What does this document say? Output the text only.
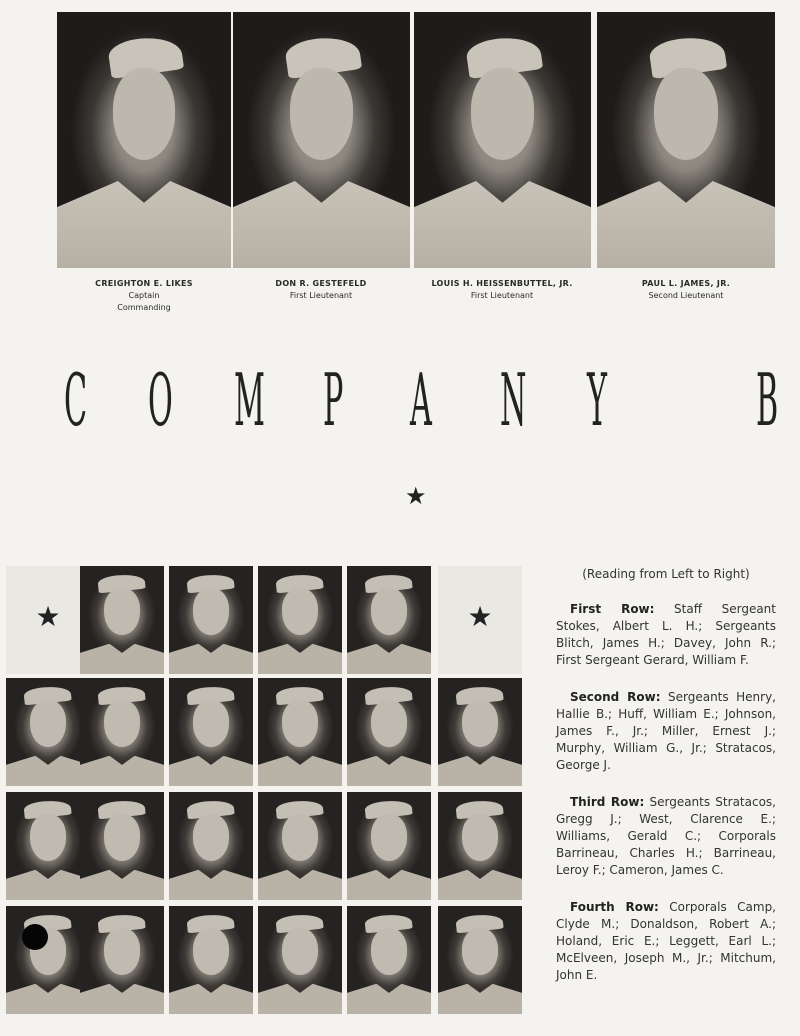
CREIGHTON E. LIKES
Captain
Commanding
DON R. GESTEFELD
First Lieutenant
LOUIS H. HEISSENBUTTEL, JR.
First Lieutenant
PAUL L. JAMES, JR.
Second Lieutenant
C O M P A N Y B
★
★	★
(Reading from Left to Right)

First Row: Staff Sergeant Stokes, Albert L. H.; Sergeants Blitch, James H.; Davey, John R.; First Sergeant Gerard, William F.

Second Row: Sergeants Henry, Hallie B.; Huff, William E.; Johnson, James F., Jr.; Miller, Ernest J.; Murphy, William G., Jr.; Stratacos, George J.

Third Row: Sergeants Stratacos, Gregg J.; West, Clarence E.; Williams, Gerald C.; Corporals Barrineau, Charles H.; Barrineau, Leroy F.; Cameron, James C.

Fourth Row: Corporals Camp, Clyde M.; Donaldson, Robert A.; Holand, Eric E.; Leggett, Earl L.; McElveen, Joseph M., Jr.; Mitchum, John E.
